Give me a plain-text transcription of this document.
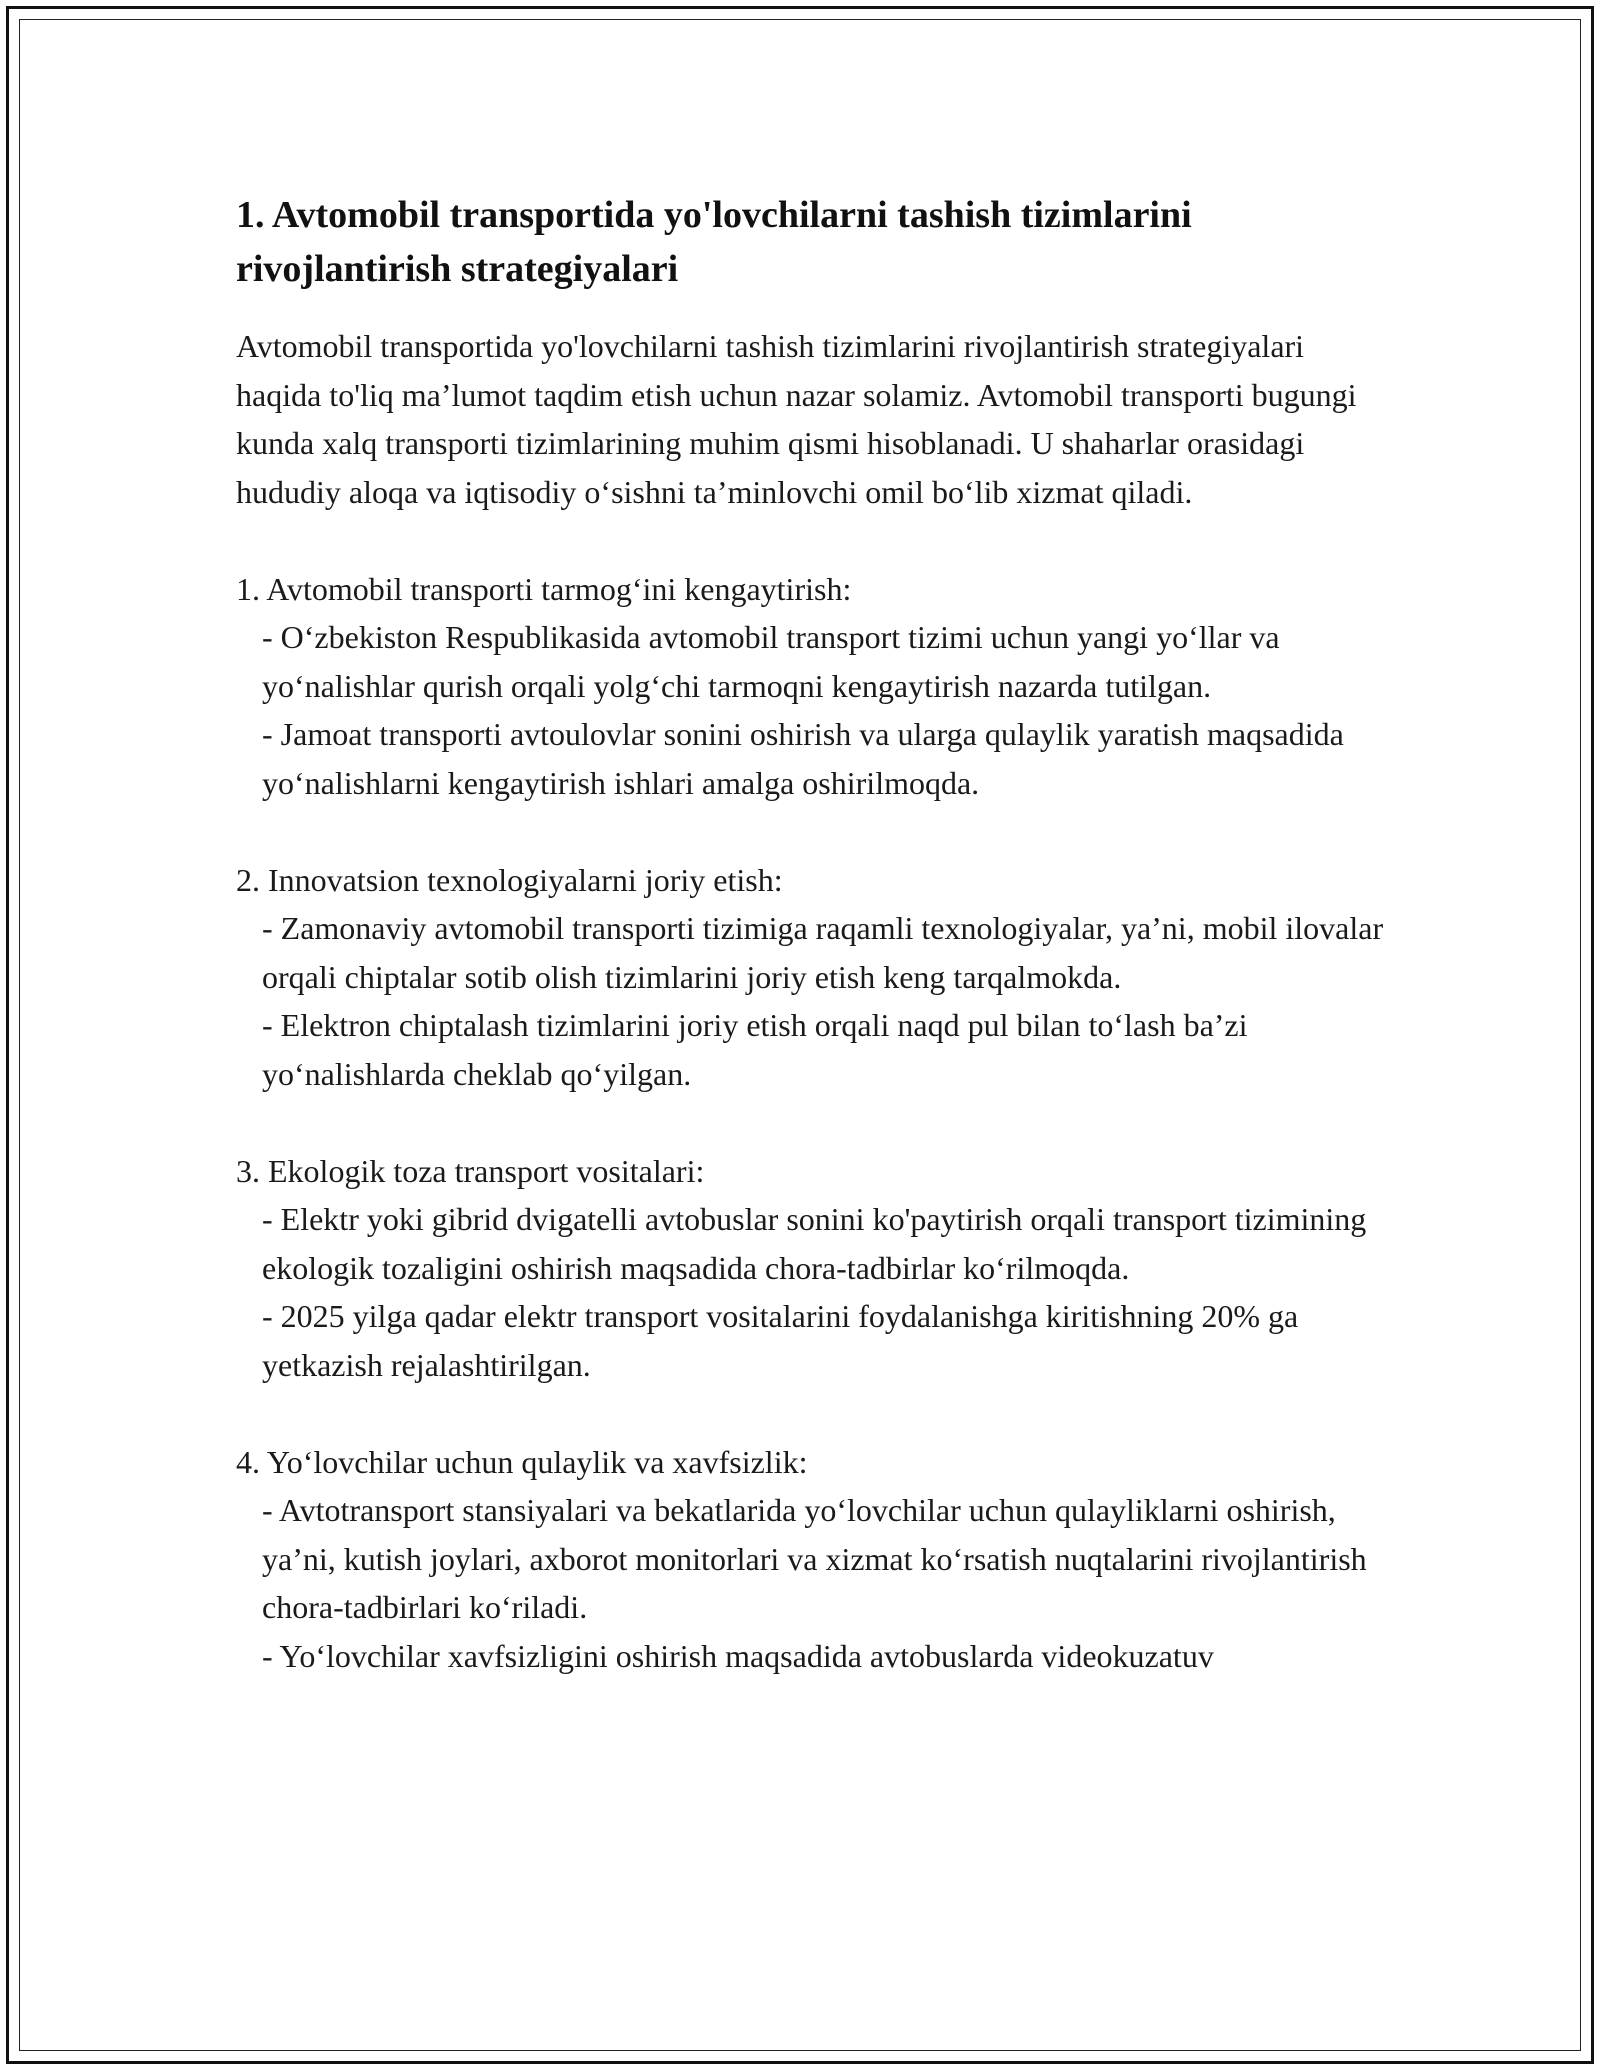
1. Avtomobil transportida yo'lovchilarni tashish tizimlarini rivojlantirish strategiyalari

Avtomobil transportida yo'lovchilarni tashish tizimlarini rivojlantirish strategiyalari haqida to'liq ma’lumot taqdim etish uchun nazar solamiz. Avtomobil transporti bugungi kunda xalq transporti tizimlarining muhim qismi hisoblanadi. U shaharlar orasidagi hududiy aloqa va iqtisodiy o‘sishni ta’minlovchi omil bo‘lib xizmat qiladi.

1. Avtomobil transporti tarmog‘ini kengaytirish:

- O‘zbekiston Respublikasida avtomobil transport tizimi uchun yangi yo‘llar va yo‘nalishlar qurish orqali yolg‘chi tarmoqni kengaytirish nazarda tutilgan.

- Jamoat transporti avtoulovlar sonini oshirish va ularga qulaylik yaratish maqsadida yo‘nalishlarni kengaytirish ishlari amalga oshirilmoqda.

2. Innovatsion texnologiyalarni joriy etish:

- Zamonaviy avtomobil transporti tizimiga raqamli texnologiyalar, ya’ni, mobil ilovalar orqali chiptalar sotib olish tizimlarini joriy etish keng tarqalmokda.

- Elektron chiptalash tizimlarini joriy etish orqali naqd pul bilan to‘lash ba’zi yo‘nalishlarda cheklab qo‘yilgan.

3. Ekologik toza transport vositalari:

- Elektr yoki gibrid dvigatelli avtobuslar sonini ko'paytirish orqali transport tizimining ekologik tozaligini oshirish maqsadida chora-tadbirlar ko‘rilmoqda.

- 2025 yilga qadar elektr transport vositalarini foydalanishga kiritishning 20% ga yetkazish rejalashtirilgan.

4. Yo‘lovchilar uchun qulaylik va xavfsizlik:

- Avtotransport stansiyalari va bekatlarida yo‘lovchilar uchun qulayliklarni oshirish, ya’ni, kutish joylari, axborot monitorlari va xizmat ko‘rsatish nuqtalarini rivojlantirish chora-tadbirlari ko‘riladi.

- Yo‘lovchilar xavfsizligini oshirish maqsadida avtobuslarda videokuzatuv
